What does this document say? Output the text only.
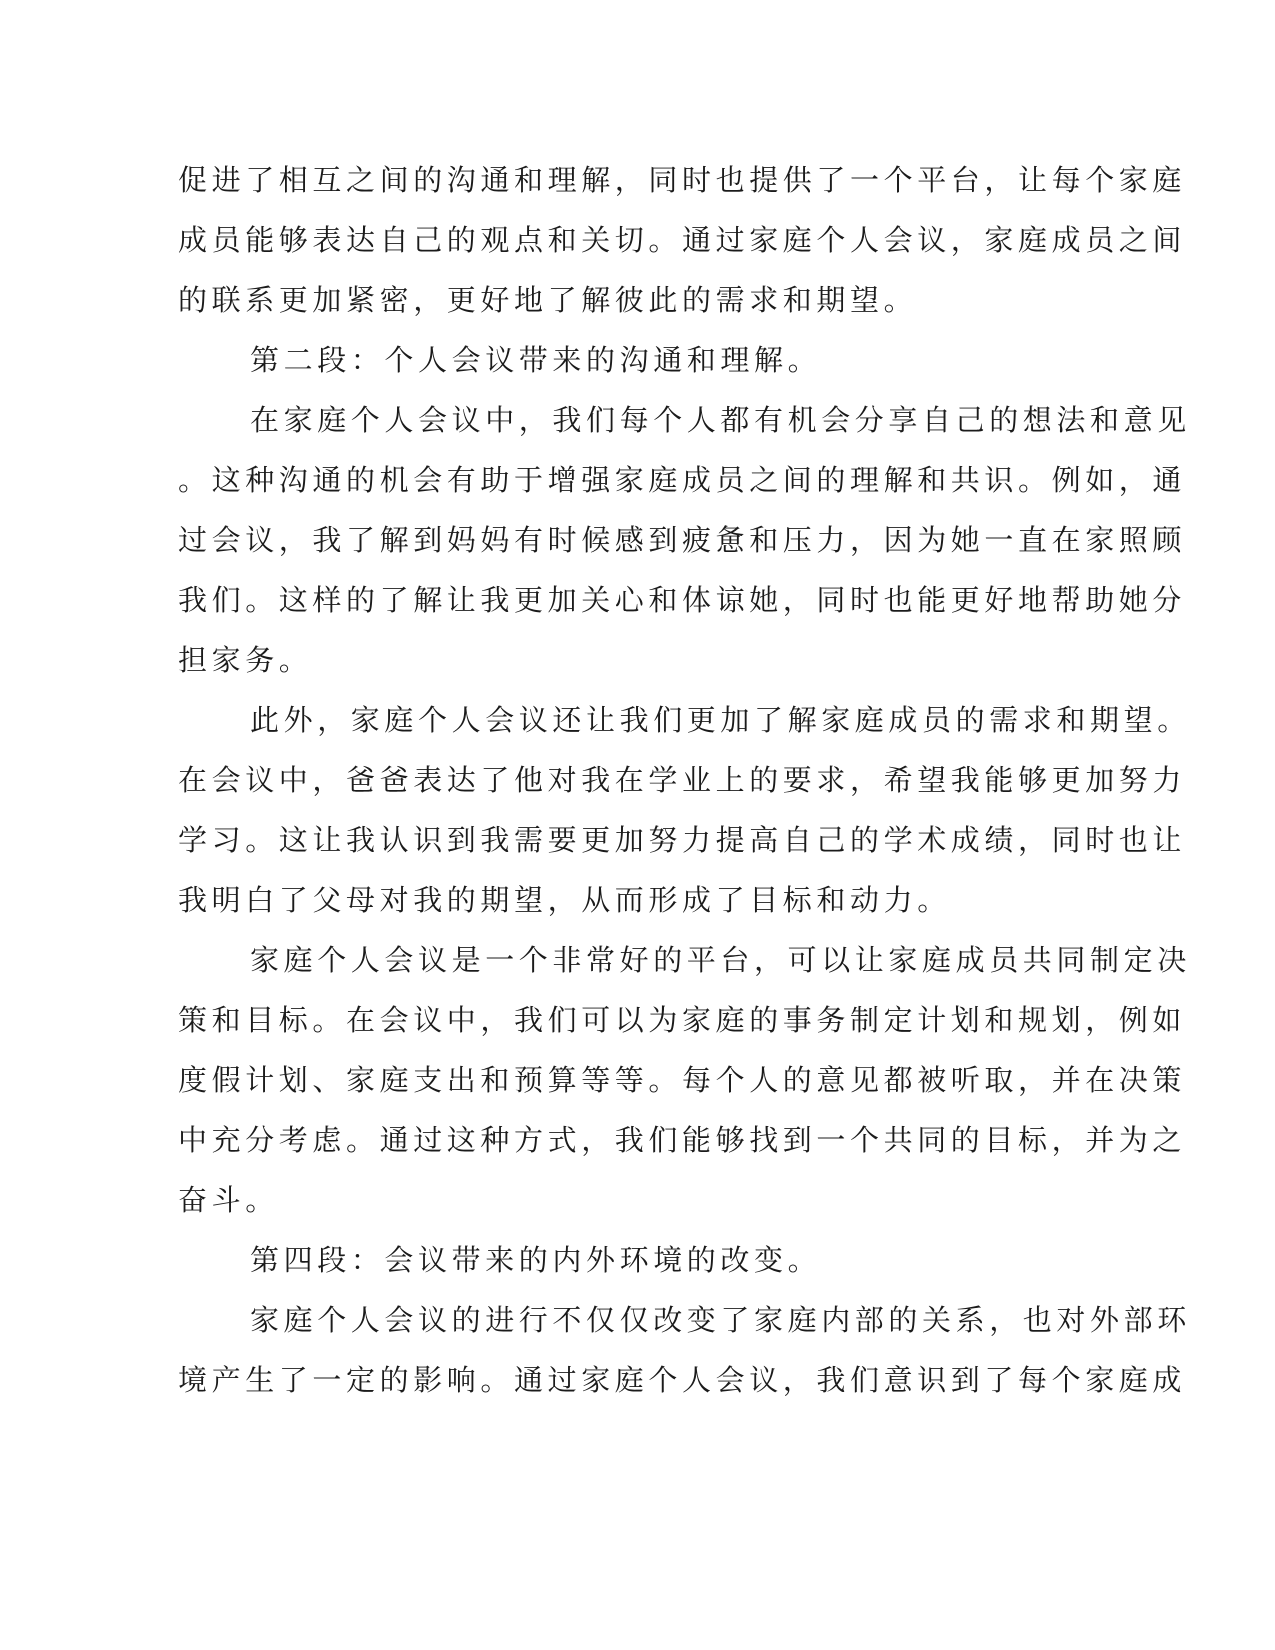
促进了相互之间的沟通和理解，同时也提供了一个平台，让每个家庭
成员能够表达自己的观点和关切。通过家庭个人会议，家庭成员之间
的联系更加紧密，更好地了解彼此的需求和期望。
第二段：个人会议带来的沟通和理解。
在家庭个人会议中，我们每个人都有机会分享自己的想法和意见
。这种沟通的机会有助于增强家庭成员之间的理解和共识。例如，通
过会议，我了解到妈妈有时候感到疲惫和压力，因为她一直在家照顾
我们。这样的了解让我更加关心和体谅她，同时也能更好地帮助她分
担家务。
此外，家庭个人会议还让我们更加了解家庭成员的需求和期望。
在会议中，爸爸表达了他对我在学业上的要求，希望我能够更加努力
学习。这让我认识到我需要更加努力提高自己的学术成绩，同时也让
我明白了父母对我的期望，从而形成了目标和动力。
家庭个人会议是一个非常好的平台，可以让家庭成员共同制定决
策和目标。在会议中，我们可以为家庭的事务制定计划和规划，例如
度假计划、家庭支出和预算等等。每个人的意见都被听取，并在决策
中充分考虑。通过这种方式，我们能够找到一个共同的目标，并为之
奋斗。
第四段：会议带来的内外环境的改变。
家庭个人会议的进行不仅仅改变了家庭内部的关系，也对外部环
境产生了一定的影响。通过家庭个人会议，我们意识到了每个家庭成
